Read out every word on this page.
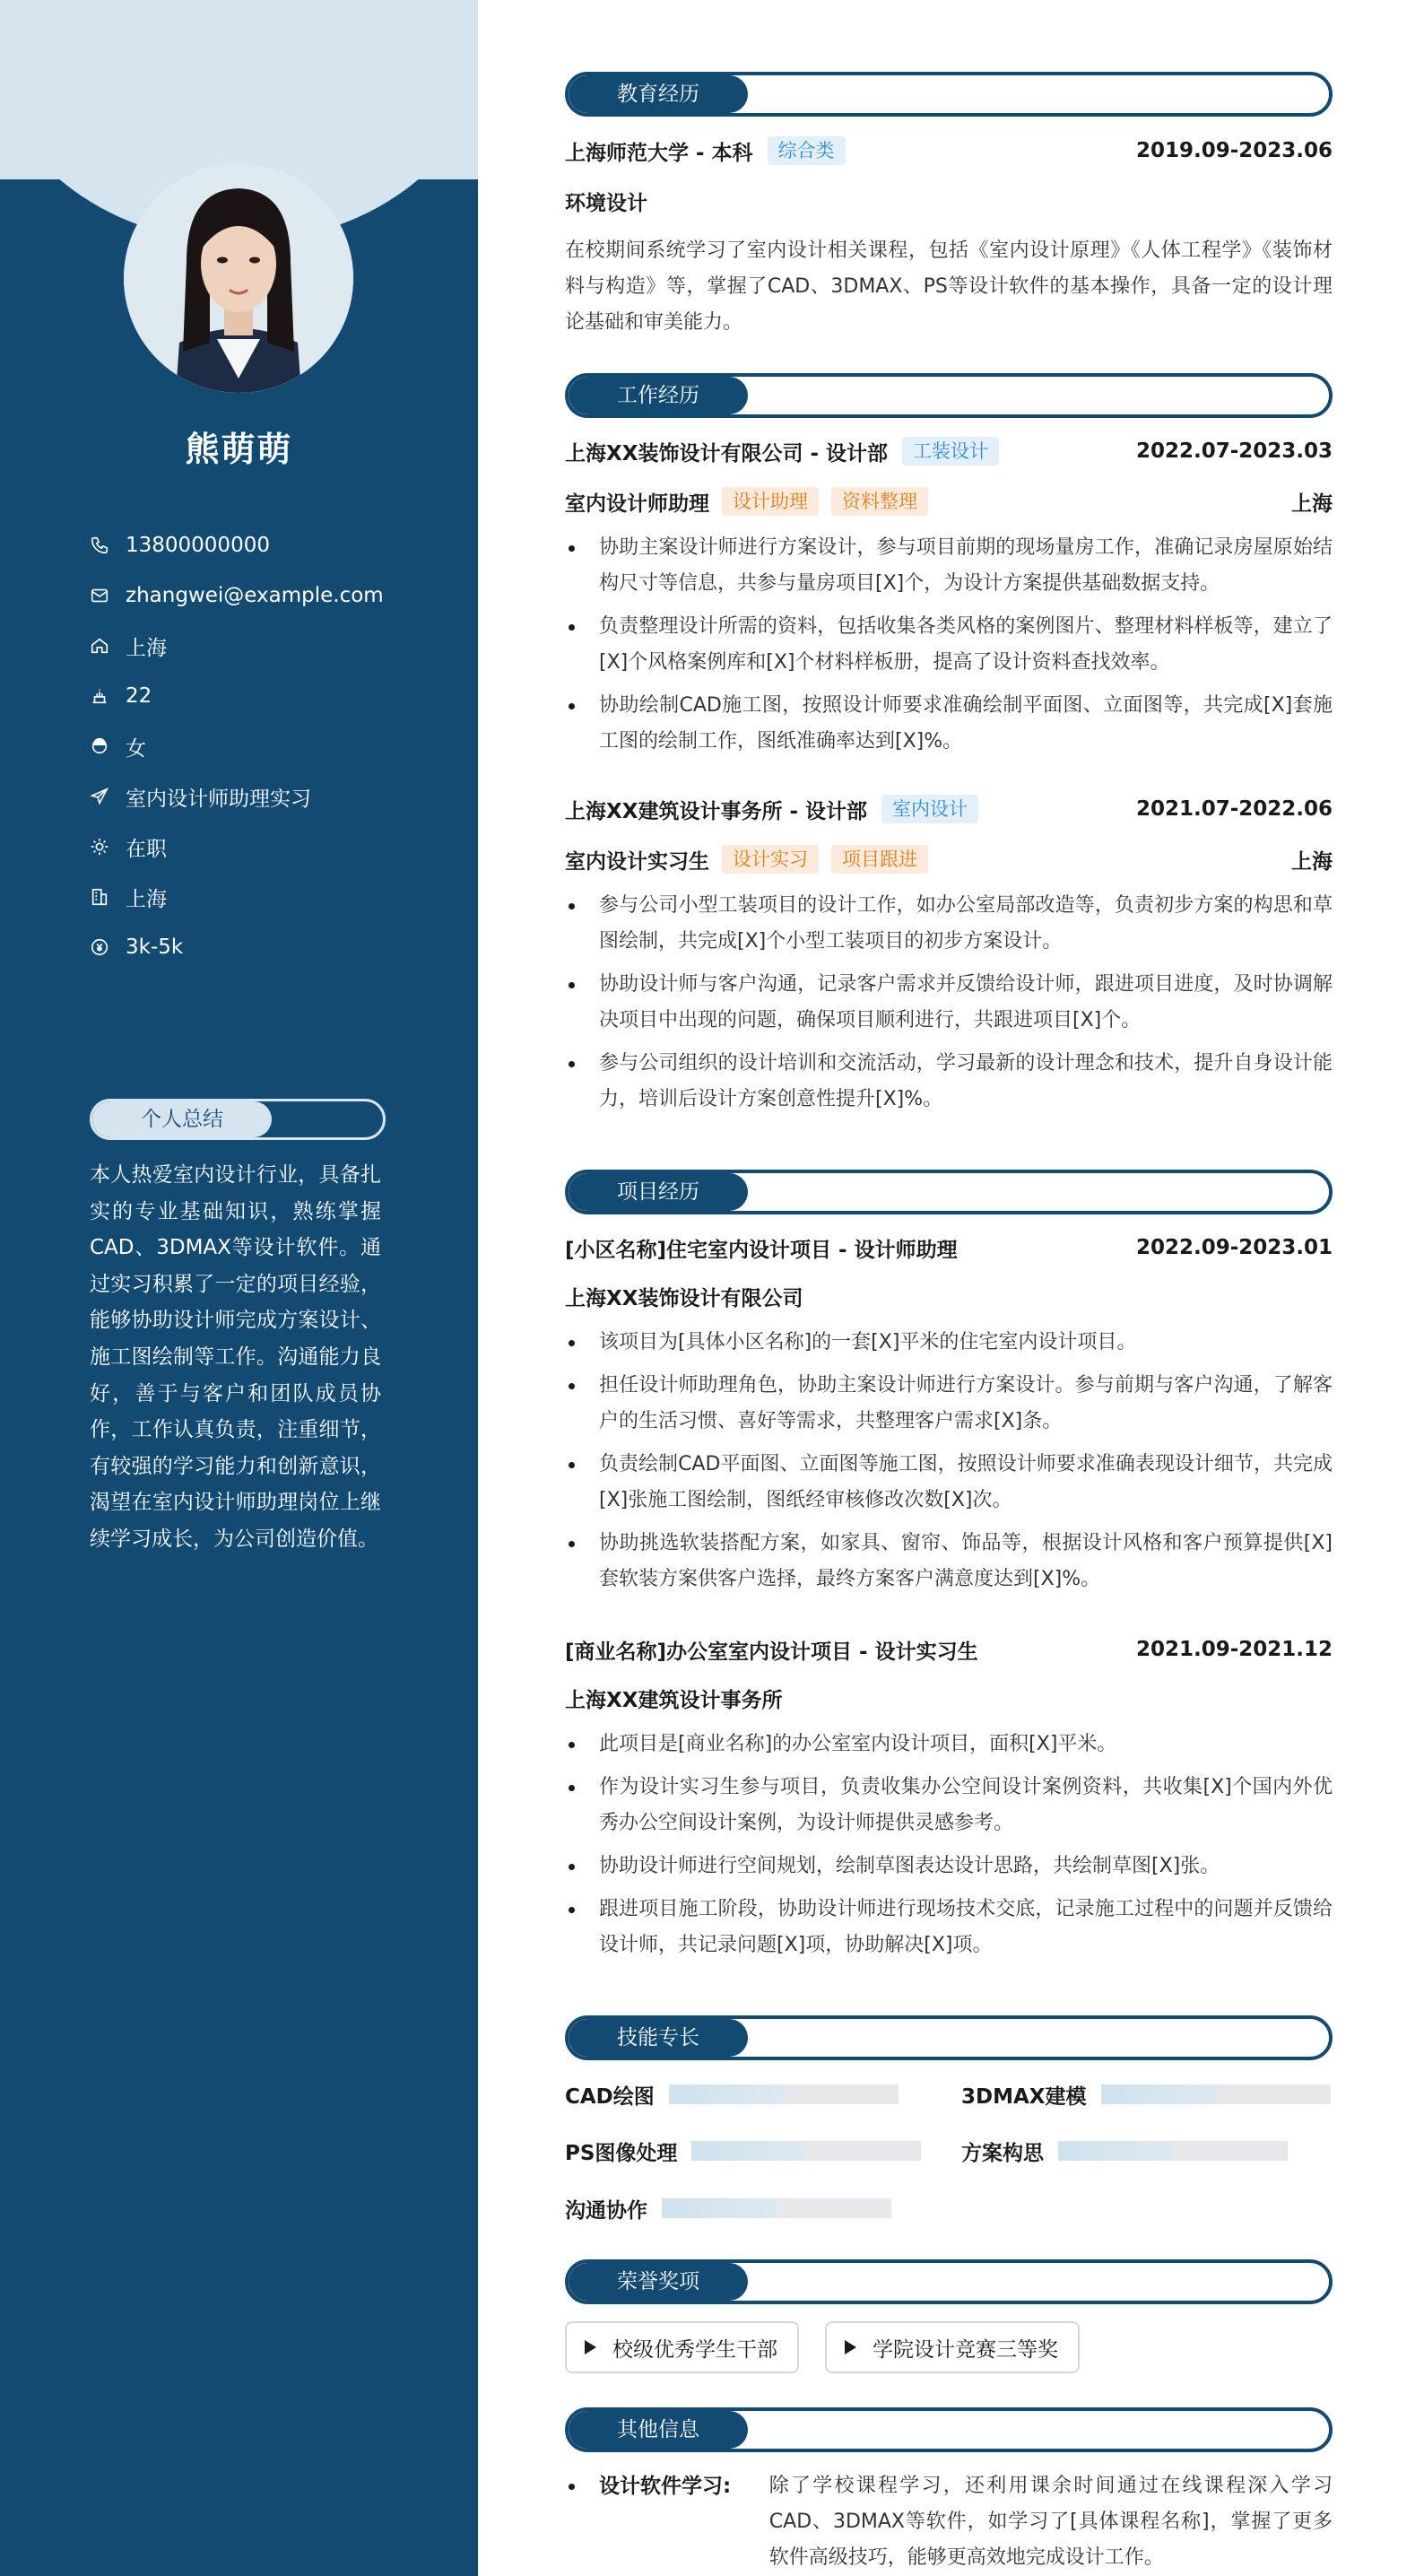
熊萌萌
13800000000
zhangwei@example.com
上海
22
女
室内设计师助理实习
在职
上海
3k-5k
个人总结
本人热爱室内设计行业，具备扎实的专业基础知识，熟练掌握CAD、3DMAX等设计软件。通过实习积累了一定的项目经验，能够协助设计师完成方案设计、施工图绘制等工作。沟通能力良好，善于与客户和团队成员协作，工作认真负责，注重细节，有较强的学习能力和创新意识，渴望在室内设计师助理岗位上继续学习成长，为公司创造价值。
教育经历
上海师范大学 - 本科	综合类	2019.09-2023.06
环境设计
在校期间系统学习了室内设计相关课程，包括《室内设计原理》《人体工程学》《装饰材料与构造》等，掌握了CAD、3DMAX、PS等设计软件的基本操作，具备一定的设计理论基础和审美能力。
工作经历
上海XX装饰设计有限公司 - 设计部	工装设计	2022.07-2023.03
室内设计师助理	设计助理	资料整理	上海
协助主案设计师进行方案设计，参与项目前期的现场量房工作，准确记录房屋原始结构尺寸等信息，共参与量房项目[X]个，为设计方案提供基础数据支持。
负责整理设计所需的资料，包括收集各类风格的案例图片、整理材料样板等，建立了[X]个风格案例库和[X]个材料样板册，提高了设计资料查找效率。
协助绘制CAD施工图，按照设计师要求准确绘制平面图、立面图等，共完成[X]套施工图的绘制工作，图纸准确率达到[X]%。
上海XX建筑设计事务所 - 设计部	室内设计	2021.07-2022.06
室内设计实习生	设计实习	项目跟进	上海
参与公司小型工装项目的设计工作，如办公室局部改造等，负责初步方案的构思和草图绘制，共完成[X]个小型工装项目的初步方案设计。
协助设计师与客户沟通，记录客户需求并反馈给设计师，跟进项目进度，及时协调解决项目中出现的问题，确保项目顺利进行，共跟进项目[X]个。
参与公司组织的设计培训和交流活动，学习最新的设计理念和技术，提升自身设计能力，培训后设计方案创意性提升[X]%。
项目经历
[小区名称]住宅室内设计项目 - 设计师助理	2022.09-2023.01
上海XX装饰设计有限公司
该项目为[具体小区名称]的一套[X]平米的住宅室内设计项目。
担任设计师助理角色，协助主案设计师进行方案设计。参与前期与客户沟通，了解客户的生活习惯、喜好等需求，共整理客户需求[X]条。
负责绘制CAD平面图、立面图等施工图，按照设计师要求准确表现设计细节，共完成[X]张施工图绘制，图纸经审核修改次数[X]次。
协助挑选软装搭配方案，如家具、窗帘、饰品等，根据设计风格和客户预算提供[X]套软装方案供客户选择，最终方案客户满意度达到[X]%。
[商业名称]办公室室内设计项目 - 设计实习生	2021.09-2021.12
上海XX建筑设计事务所
此项目是[商业名称]的办公室室内设计项目，面积[X]平米。
作为设计实习生参与项目，负责收集办公空间设计案例资料，共收集[X]个国内外优秀办公空间设计案例，为设计师提供灵感参考。
协助设计师进行空间规划，绘制草图表达设计思路，共绘制草图[X]张。
跟进项目施工阶段，协助设计师进行现场技术交底，记录施工过程中的问题并反馈给设计师，共记录问题[X]项，协助解决[X]项。
技能专长
CAD绘图	3DMAX建模
PS图像处理	方案构思
沟通协作
荣誉奖项
校级优秀学生干部	学院设计竞赛三等奖
其他信息
设计软件学习:	除了学校课程学习，还利用课余时间通过在线课程深入学习CAD、3DMAX等软件，如学习了[具体课程名称]，掌握了更多软件高级技巧，能够更高效地完成设计工作。
